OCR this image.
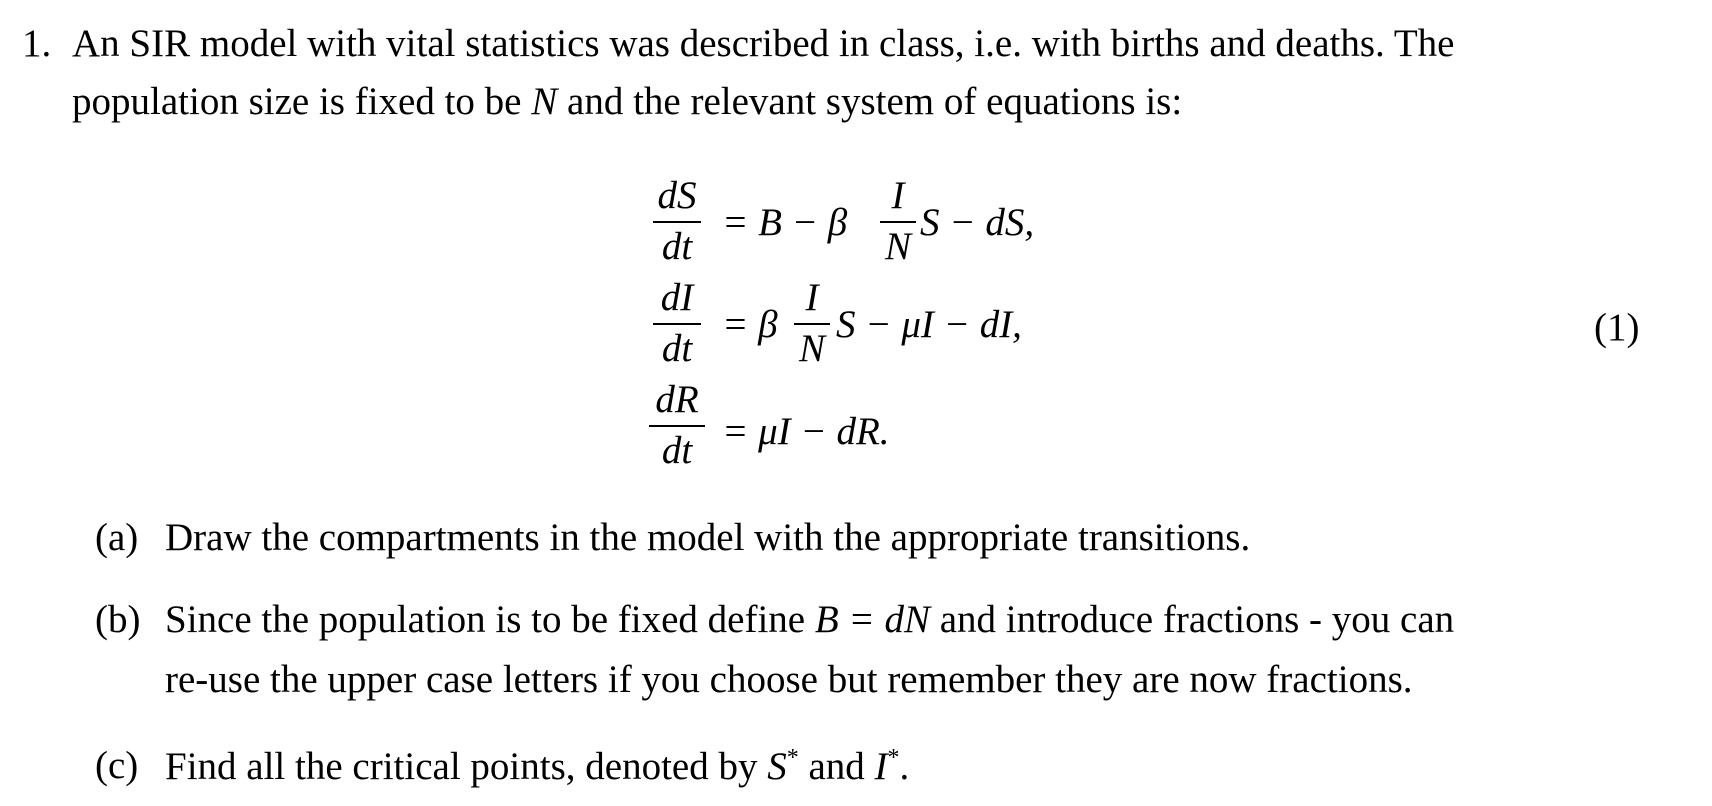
1. An SIR model with vital statistics was described in class, i.e. with births and deaths. The
population size is fixed to be N and the relevant system of equations is:
dS
dt
= B − β
I
N
S − dS,
dI
dt
= β
I
N
S − μI − dI,
dR
dt = μI − dR.
(1)
(a) Draw the compartments in the model with the appropriate transitions.
(b) Since the population is to be fixed define B = dN and introduce fractions - you can
re-use the upper case letters if you choose but remember they are now fractions.
(c) Find all the critical points, denoted by S* and I*.
